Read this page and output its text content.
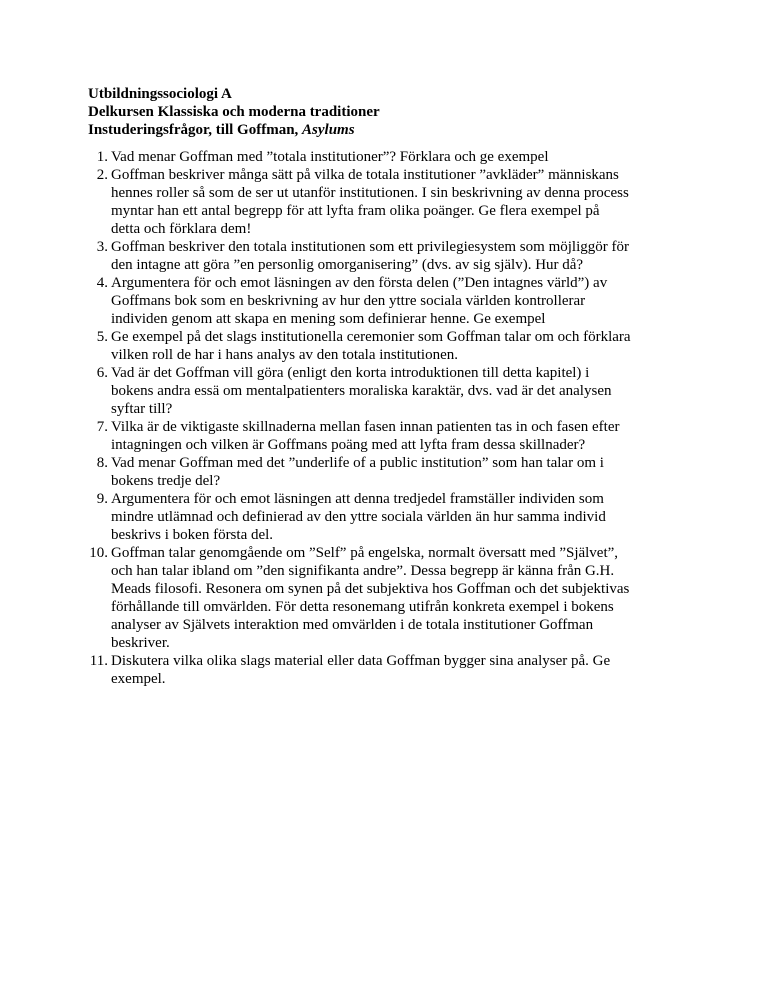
Utbildningssociologi A
Delkursen Klassiska och moderna traditioner
Instuderingsfrågor, till Goffman, Asylums
1. Vad menar Goffman med ”totala institutioner”? Förklara och ge exempel
2. Goffman beskriver många sätt på vilka de totala institutioner ”avkläder” människans
hennes roller så som de ser ut utanför institutionen. I sin beskrivning av denna process
myntar han ett antal begrepp för att lyfta fram olika poänger. Ge flera exempel på
detta och förklara dem!
3. Goffman beskriver den totala institutionen som ett privilegiesystem som möjliggör för
den intagne att göra ”en personlig omorganisering” (dvs. av sig själv). Hur då?
4. Argumentera för och emot läsningen av den första delen (”Den intagnes värld”) av
Goffmans bok som en beskrivning av hur den yttre sociala världen kontrollerar
individen genom att skapa en mening som definierar henne. Ge exempel
5. Ge exempel på det slags institutionella ceremonier som Goffman talar om och förklara
vilken roll de har i hans analys av den totala institutionen.
6. Vad är det Goffman vill göra (enligt den korta introduktionen till detta kapitel) i
bokens andra essä om mentalpatienters moraliska karaktär, dvs. vad är det analysen
syftar till?
7. Vilka är de viktigaste skillnaderna mellan fasen innan patienten tas in och fasen efter
intagningen och vilken är Goffmans poäng med att lyfta fram dessa skillnader?
8. Vad menar Goffman med det ”underlife of a public institution” som han talar om i
bokens tredje del?
9. Argumentera för och emot läsningen att denna tredjedel framställer individen som
mindre utlämnad och definierad av den yttre sociala världen än hur samma individ
beskrivs i boken första del.
10. Goffman talar genomgående om ”Self” på engelska, normalt översatt med ”Självet”,
och han talar ibland om ”den signifikanta andre”. Dessa begrepp är känna från G.H.
Meads filosofi. Resonera om synen på det subjektiva hos Goffman och det subjektivas
förhållande till omvärlden. För detta resonemang utifrån konkreta exempel i bokens
analyser av Självets interaktion med omvärlden i de totala institutioner Goffman
beskriver.
11. Diskutera vilka olika slags material eller data Goffman bygger sina analyser på. Ge
exempel.
